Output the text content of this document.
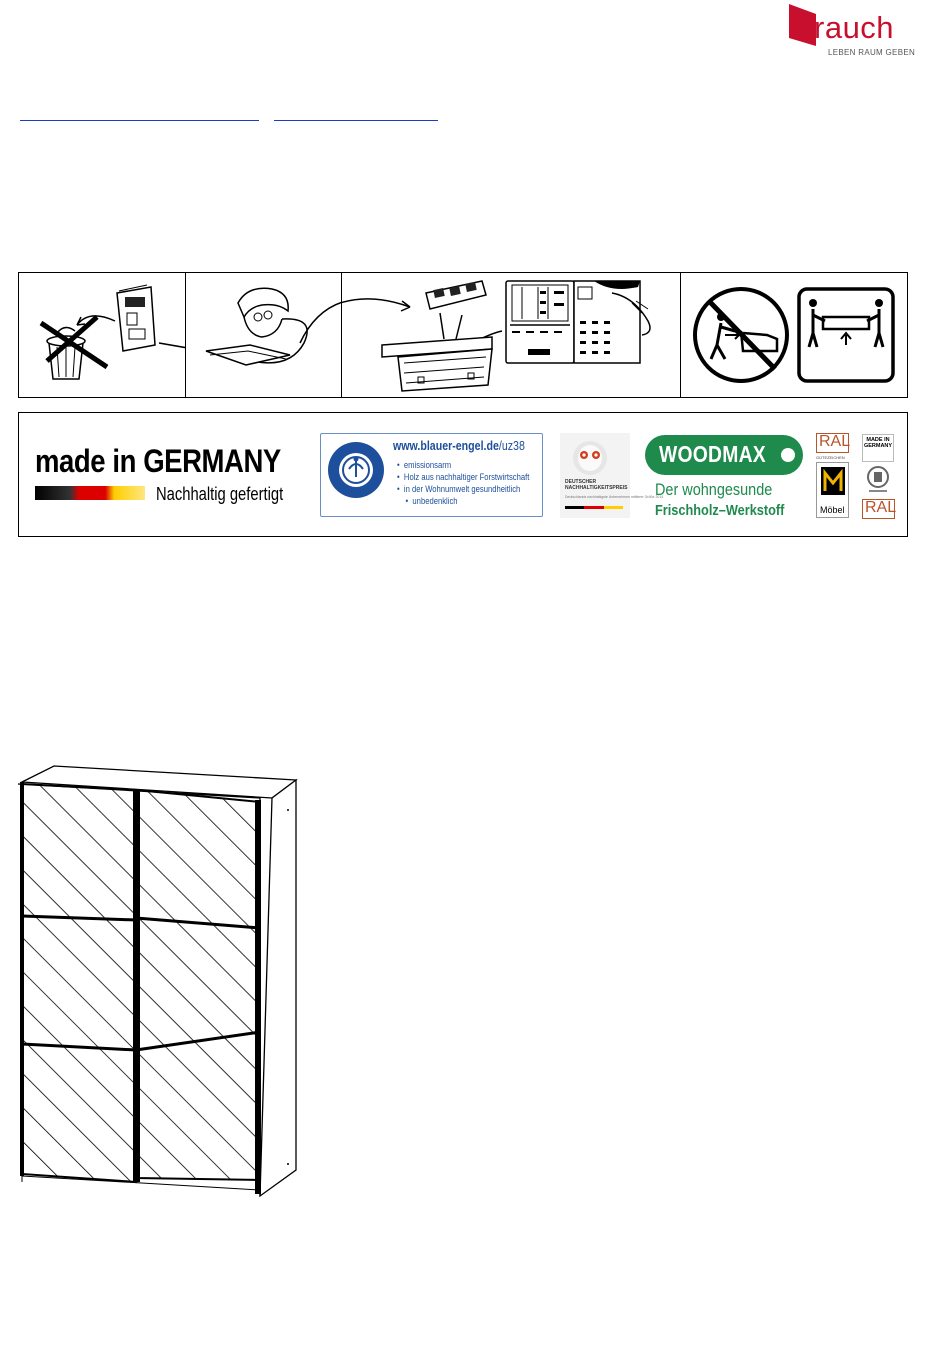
rauch
LEBEN RAUM GEBEN
made in GERMANY
Nachhaltig gefertigt
www.blauer-engel.de/uz38
• emissionsarm
• Holz aus nachhaltiger Forstwirtschaft
• in der Wohnumwelt gesundheitlich
• unbedenklich
DEUTSCHER
NACHHALTIGKEITSPREIS
Deutschlands nachhaltigste Unternehmen mittlerer Größe 2014
WOODMAX
Der wohngesunde
Frischholz–Werkstoff
RAL
GÜTEZEICHEN
Möbel
MADE IN
GERMANY
RAL
